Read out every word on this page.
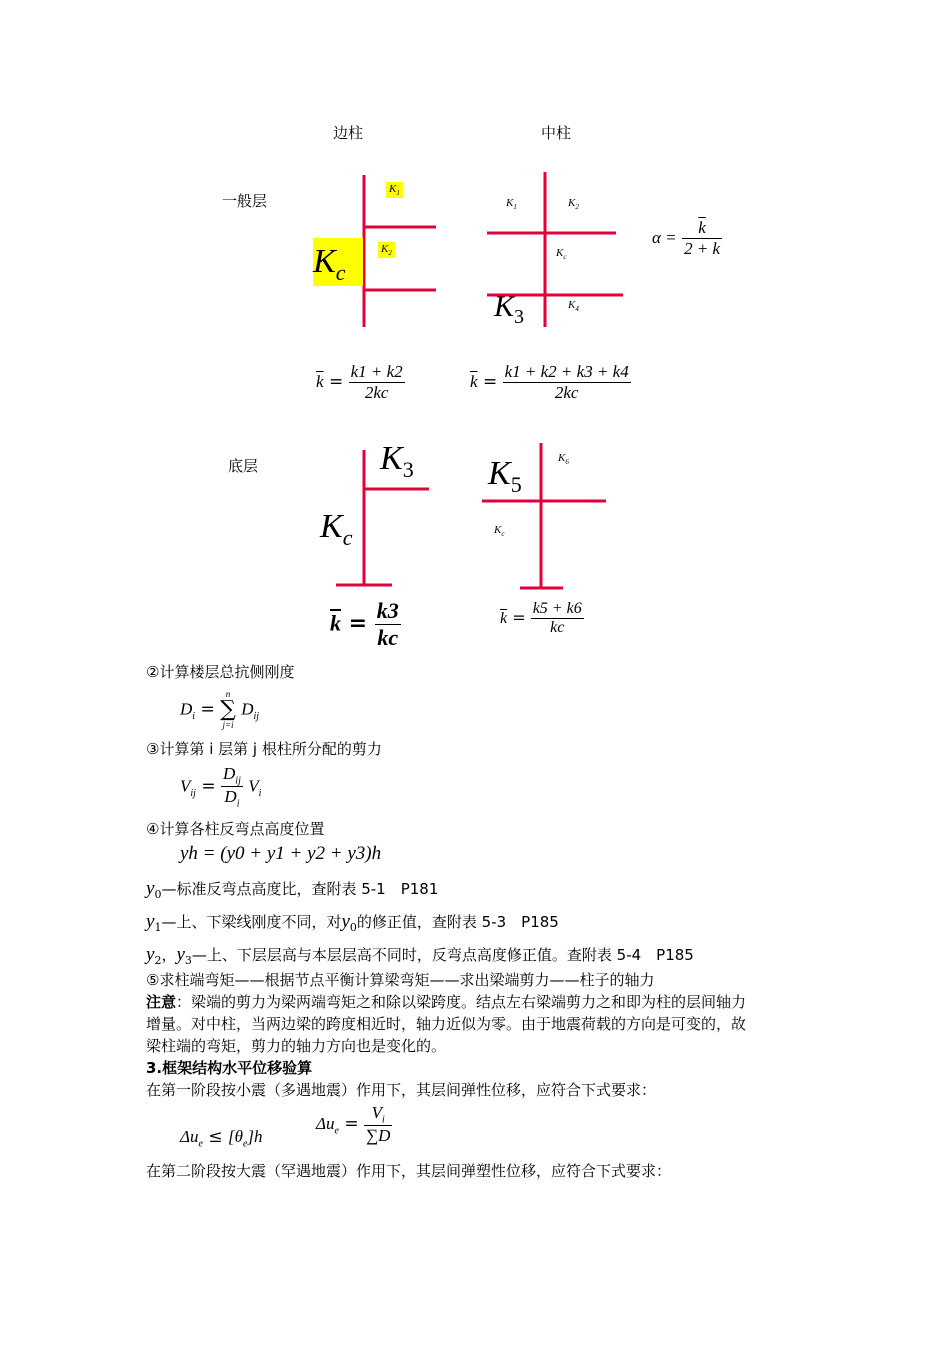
边柱	中柱
一般层
底层
$K_c$
$K_1$
$K_2$
$K_1$	$K_2$
$K_c$
$K_3$
$K_4$
$\alpha = \frac{\overline{k}}{2 + k}$
$\overline{k} = \frac{k1 + k2}{2kc}$	$\overline{k} = \frac{k1 + k2 + k3 + k4}{2kc}$
$K_3$
$K_c$
$K_5$
$K_6$
$K_c$
$\overline{k} = \frac{k3}{kc}$	$\overline{k} = \frac{k5 + k6}{kc}$
②计算楼层总抗侧刚度
$D_i$ =
n
∑
j=i
$D_{ij}$
③计算第 i 层第 j 根柱所分配的剪力
$V_{ij} = \frac{D_{ij}}{D_i} V_i$
④计算各柱反弯点高度位置
yh = (y0 + y1 + y2 + y3)h
$y_0—$标准反弯点高度比，查附表 5-1　P181
$y_1—$上、下梁线刚度不同，对$y_0$的修正值，查附表 5-3　P185
$y_2$，$y_3—$上、下层层高与本层层高不同时，反弯点高度修正值。查附表 5-4　P185
⑤求柱端弯矩——根据节点平衡计算梁弯矩——求出梁端剪力——柱子的轴力
注意：梁端的剪力为梁两端弯矩之和除以梁跨度。结点左右梁端剪力之和即为柱的层间轴力
增量。对中柱，当两边梁的跨度相近时，轴力近似为零。由于地震荷载的方向是可变的，故
梁柱端的弯矩，剪力的轴力方向也是变化的。
3.框架结构水平位移验算
在第一阶段按小震（多遇地震）作用下，其层间弹性位移，应符合下式要求：
$\Delta u_e \le [\theta_e]h$
$\Delta u_e = \frac{V_i}{\sum D}$
在第二阶段按大震（罕遇地震）作用下，其层间弹塑性位移，应符合下式要求：
